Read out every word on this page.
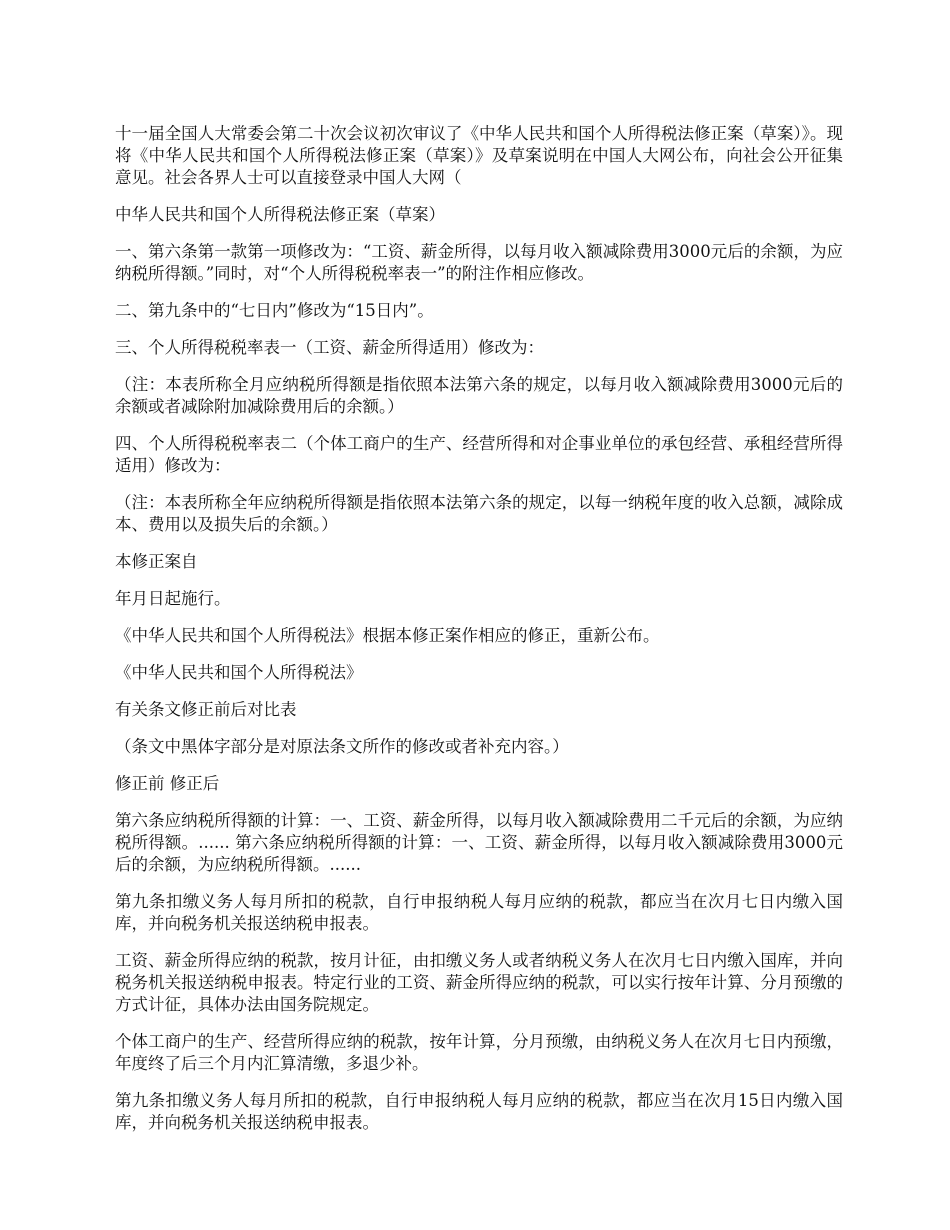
十一届全国人大常委会第二十次会议初次审议了《中华人民共和国个人所得税法修正案（草案）》。现将《中华人民共和国个人所得税法修正案（草案）》及草案说明在中国人大网公布，向社会公开征集意见。社会各界人士可以直接登录中国人大网（

中华人民共和国个人所得税法修正案（草案）

一、第六条第一款第一项修改为：“工资、薪金所得，以每月收入额减除费用3000元后的余额，为应纳税所得额。”同时，对“个人所得税税率表一”的附注作相应修改。

二、第九条中的“七日内”修改为“15日内”。

三、个人所得税税率表一（工资、薪金所得适用）修改为：

（注：本表所称全月应纳税所得额是指依照本法第六条的规定，以每月收入额减除费用3000元后的余额或者减除附加减除费用后的余额。）

四、个人所得税税率表二（个体工商户的生产、经营所得和对企事业单位的承包经营、承租经营所得适用）修改为：

（注：本表所称全年应纳税所得额是指依照本法第六条的规定，以每一纳税年度的收入总额，减除成本、费用以及损失后的余额。）

本修正案自

年月日起施行。

《中华人民共和国个人所得税法》根据本修正案作相应的修正，重新公布。

《中华人民共和国个人所得税法》

有关条文修正前后对比表

（条文中黑体字部分是对原法条文所作的修改或者补充内容。）

修正前 修正后

第六条应纳税所得额的计算：一、工资、薪金所得，以每月收入额减除费用二千元后的余额，为应纳税所得额。...... 第六条应纳税所得额的计算：一、工资、薪金所得，以每月收入额减除费用3000元后的余额，为应纳税所得额。......

第九条扣缴义务人每月所扣的税款，自行申报纳税人每月应纳的税款，都应当在次月七日内缴入国库，并向税务机关报送纳税申报表。

工资、薪金所得应纳的税款，按月计征，由扣缴义务人或者纳税义务人在次月七日内缴入国库，并向税务机关报送纳税申报表。特定行业的工资、薪金所得应纳的税款，可以实行按年计算、分月预缴的方式计征，具体办法由国务院规定。

个体工商户的生产、经营所得应纳的税款，按年计算，分月预缴，由纳税义务人在次月七日内预缴，年度终了后三个月内汇算清缴，多退少补。

第九条扣缴义务人每月所扣的税款，自行申报纳税人每月应纳的税款，都应当在次月15日内缴入国库，并向税务机关报送纳税申报表。
